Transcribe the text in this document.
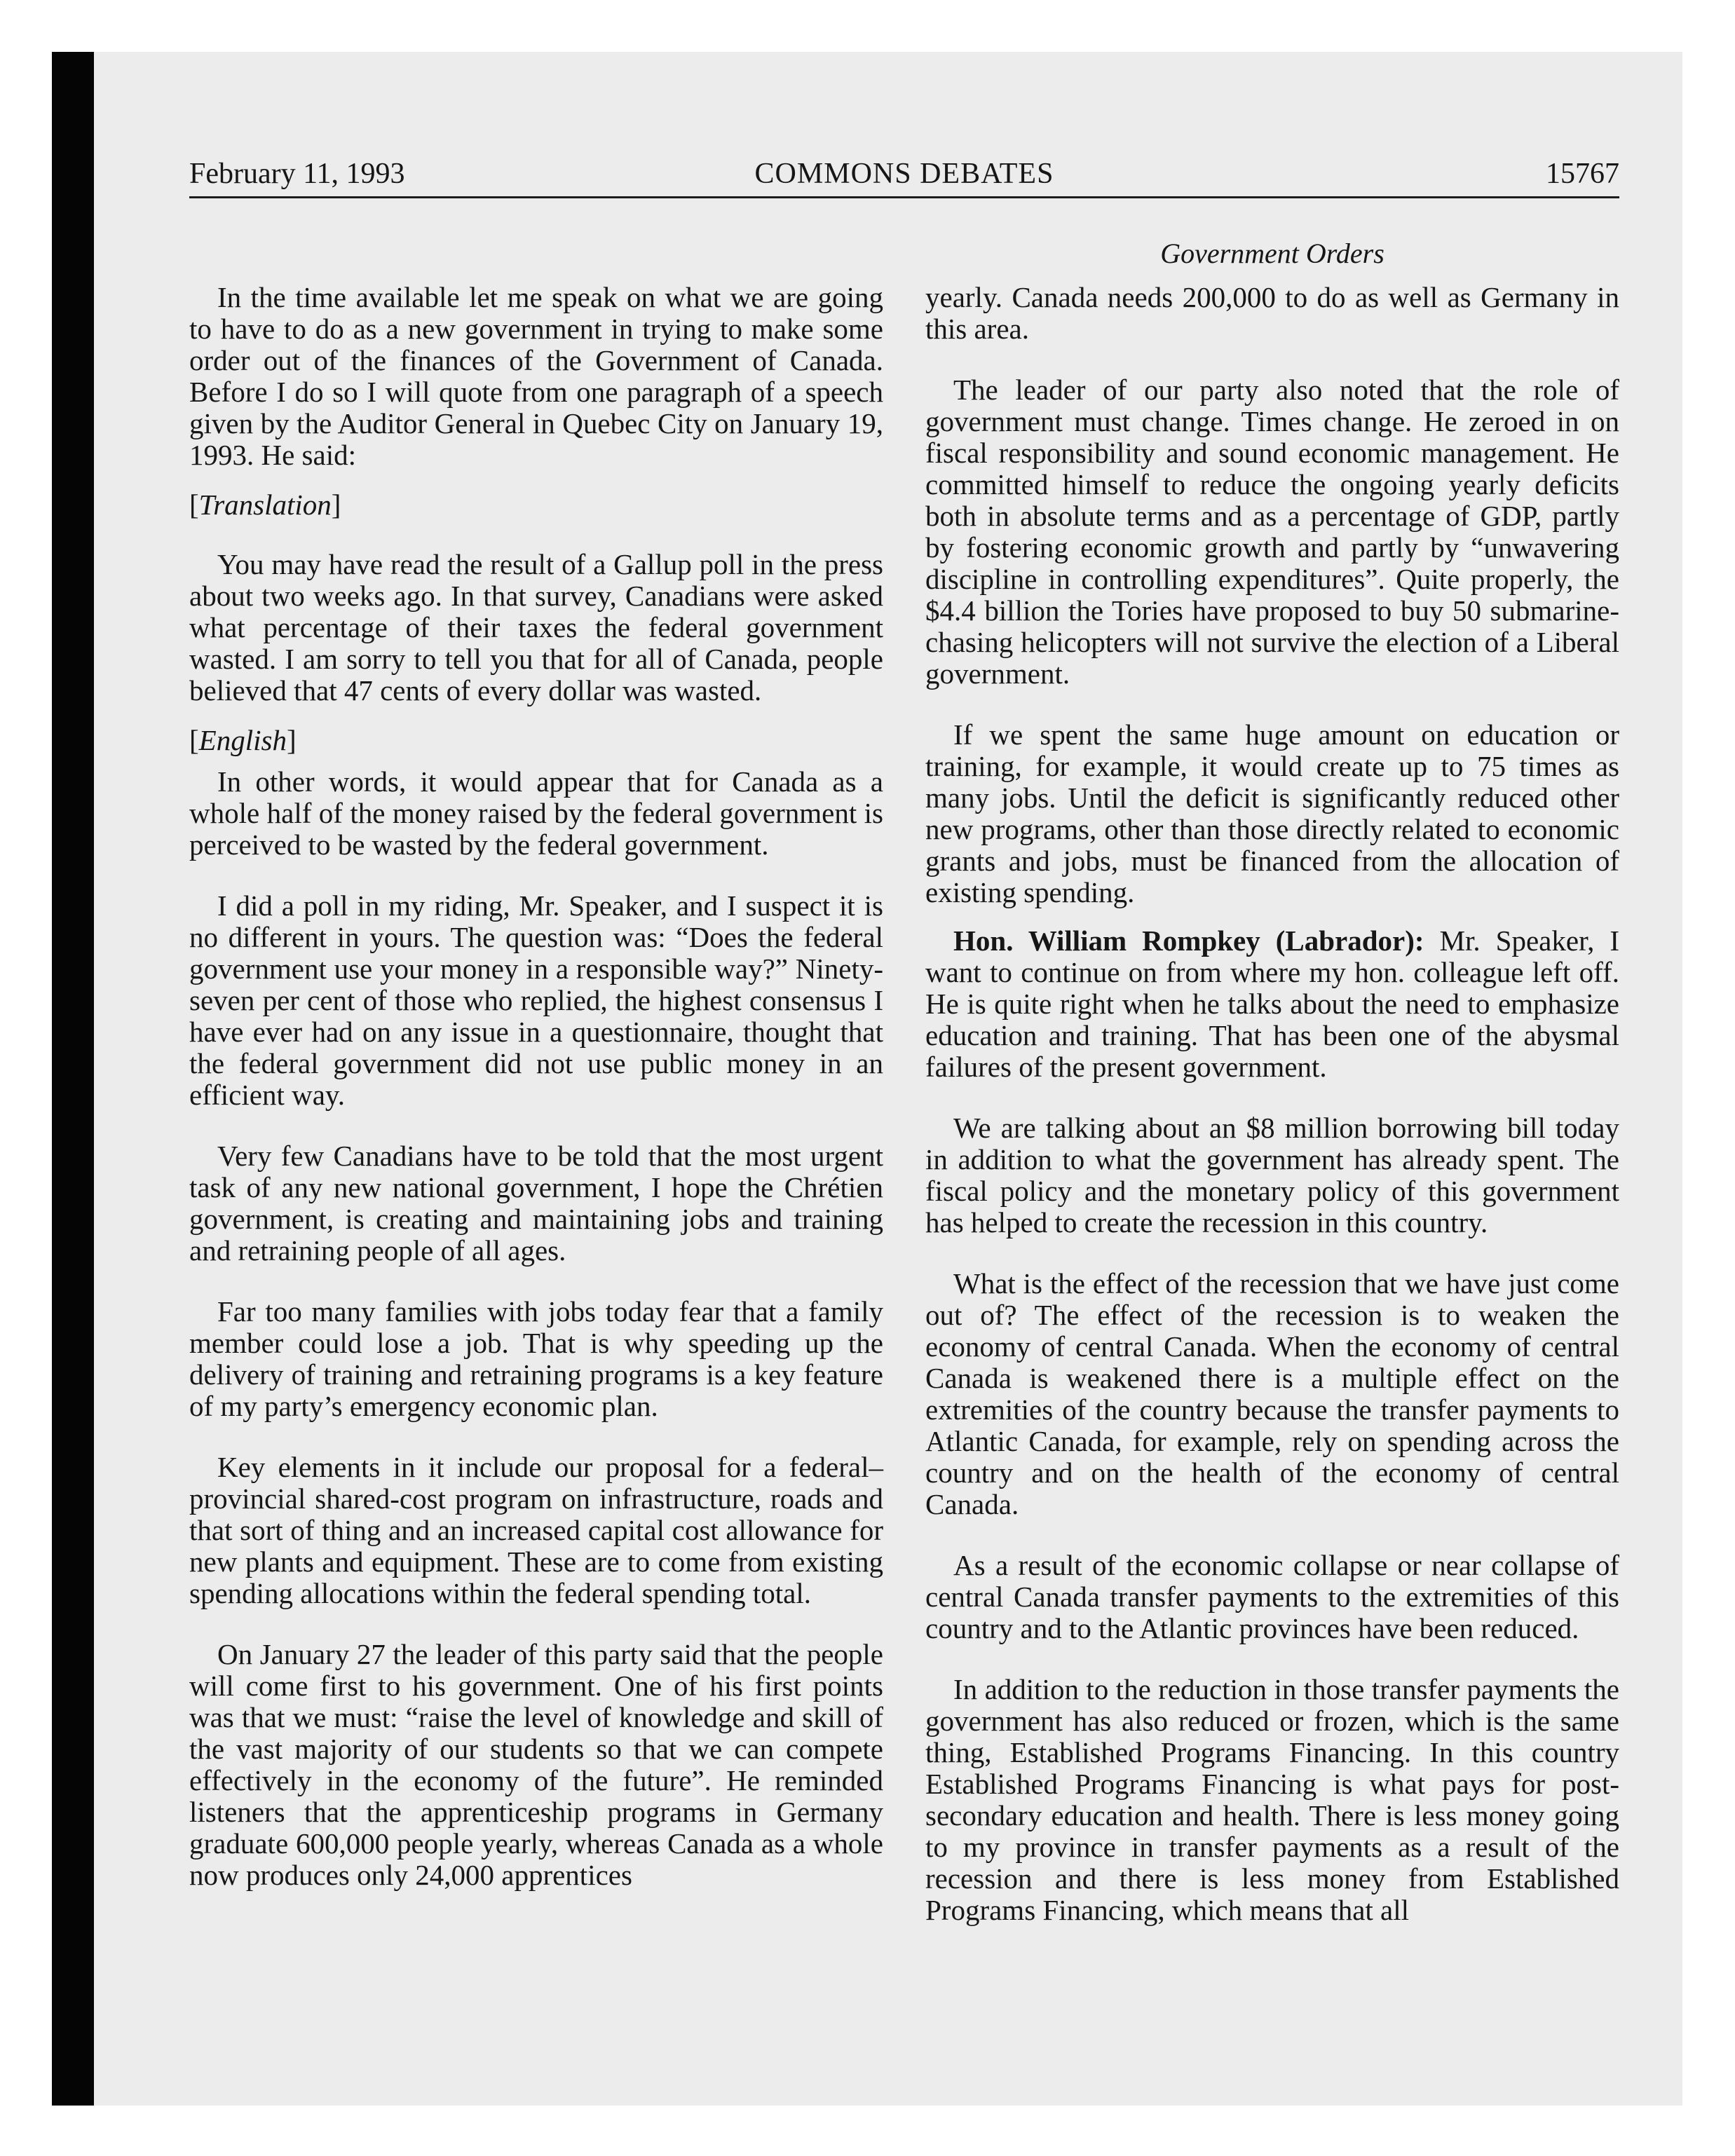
February 11, 1993	COMMONS DEBATES	15767
Government Orders

In the time available let me speak on what we are going to have to do as a new government in trying to make some order out of the finances of the Government of Canada. Before I do so I will quote from one paragraph of a speech given by the Auditor General in Quebec City on January 19, 1993. He said:

[Translation]

You may have read the result of a Gallup poll in the press about two weeks ago. In that survey, Canadians were asked what percentage of their taxes the federal government wasted. I am sorry to tell you that for all of Canada, people believed that 47 cents of every dollar was wasted.

[English]

In other words, it would appear that for Canada as a whole half of the money raised by the federal government is perceived to be wasted by the federal government.

I did a poll in my riding, Mr. Speaker, and I suspect it is no different in yours. The question was: “Does the federal government use your money in a responsible way?” Ninety-seven per cent of those who replied, the highest consensus I have ever had on any issue in a questionnaire, thought that the federal government did not use public money in an efficient way.

Very few Canadians have to be told that the most urgent task of any new national government, I hope the Chrétien government, is creating and maintaining jobs and training and retraining people of all ages.

Far too many families with jobs today fear that a family member could lose a job. That is why speeding up the delivery of training and retraining programs is a key feature of my party’s emergency economic plan.

Key elements in it include our proposal for a federal–provincial shared-cost program on infrastructure, roads and that sort of thing and an increased capital cost allowance for new plants and equipment. These are to come from existing spending allocations within the federal spending total.

On January 27 the leader of this party said that the people will come first to his government. One of his first points was that we must: “raise the level of knowledge and skill of the vast majority of our students so that we can compete effectively in the economy of the future”. He reminded listeners that the apprenticeship programs in Germany graduate 600,000 people yearly, whereas Canada as a whole now produces only 24,000 apprentices

yearly. Canada needs 200,000 to do as well as Germany in this area.

The leader of our party also noted that the role of government must change. Times change. He zeroed in on fiscal responsibility and sound economic management. He committed himself to reduce the ongoing yearly deficits both in absolute terms and as a percentage of GDP, partly by fostering economic growth and partly by “unwavering discipline in controlling expenditures”. Quite properly, the $4.4 billion the Tories have proposed to buy 50 submarine-chasing helicopters will not survive the election of a Liberal government.

If we spent the same huge amount on education or training, for example, it would create up to 75 times as many jobs. Until the deficit is significantly reduced other new programs, other than those directly related to economic grants and jobs, must be financed from the allocation of existing spending.

Hon. William Rompkey (Labrador): Mr. Speaker, I want to continue on from where my hon. colleague left off. He is quite right when he talks about the need to emphasize education and training. That has been one of the abysmal failures of the present government.

We are talking about an $8 million borrowing bill today in addition to what the government has already spent. The fiscal policy and the monetary policy of this government has helped to create the recession in this country.

What is the effect of the recession that we have just come out of? The effect of the recession is to weaken the economy of central Canada. When the economy of central Canada is weakened there is a multiple effect on the extremities of the country because the transfer payments to Atlantic Canada, for example, rely on spending across the country and on the health of the economy of central Canada.

As a result of the economic collapse or near collapse of central Canada transfer payments to the extremities of this country and to the Atlantic provinces have been reduced.

In addition to the reduction in those transfer payments the government has also reduced or frozen, which is the same thing, Established Programs Financing. In this country Established Programs Financing is what pays for post-secondary education and health. There is less money going to my province in transfer payments as a result of the recession and there is less money from Established Programs Financing, which means that all
